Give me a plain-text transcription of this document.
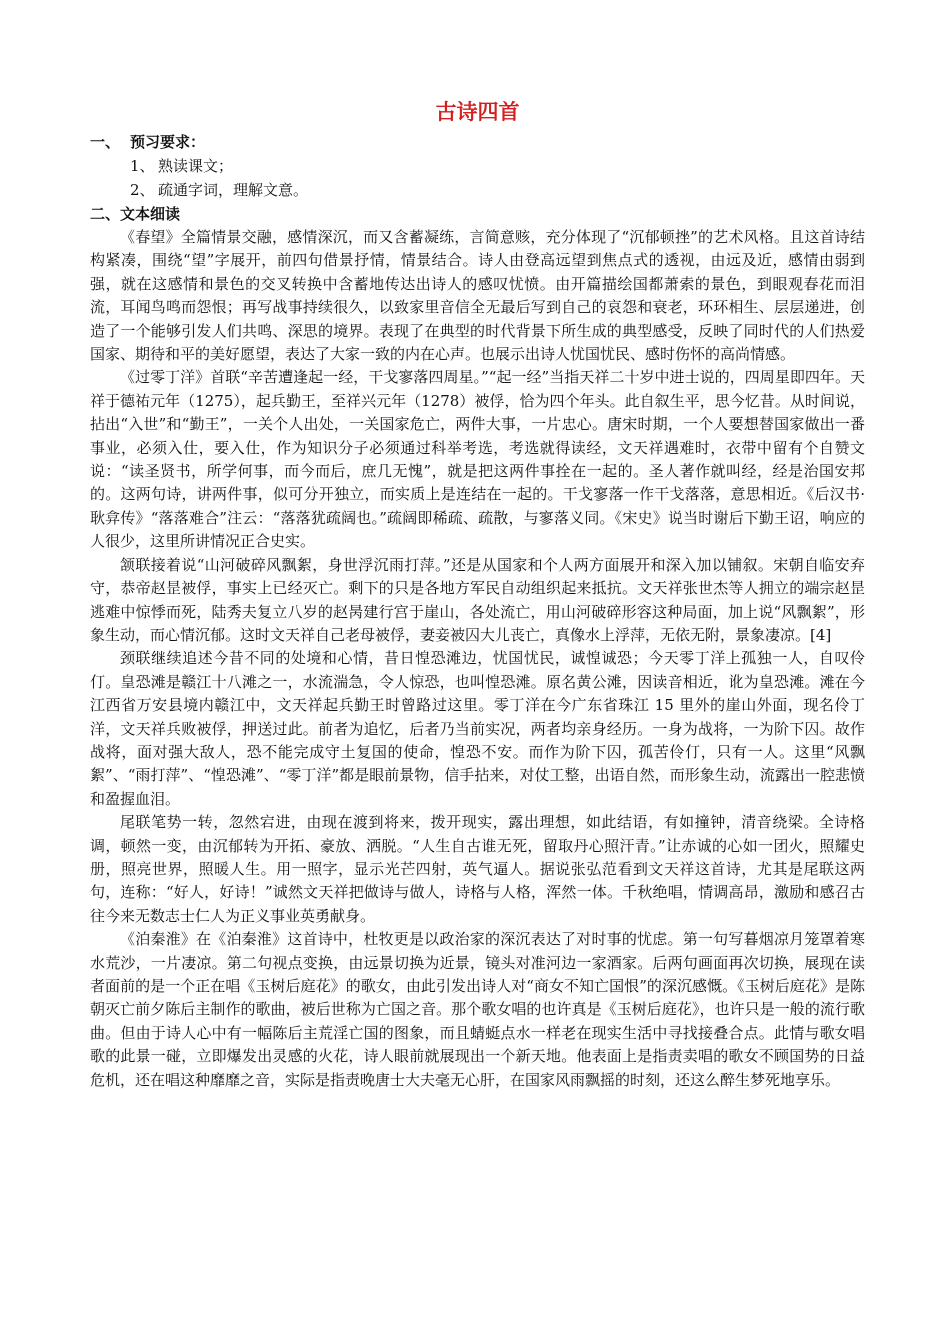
古诗四首
一、 预习要求：
1、 熟读课文；
2、 疏通字词，理解文意。
二、文本细读

《春望》全篇情景交融，感情深沉，而又含蓄凝练，言简意赅，充分体现了“沉郁顿挫”的艺术风格。且这首诗结构紧凑，围绕“望”字展开，前四句借景抒情，情景结合。诗人由登高远望到焦点式的透视，由远及近，感情由弱到强，就在这感情和景色的交叉转换中含蓄地传达出诗人的感叹忧愤。由开篇描绘国都萧索的景色，到眼观春花而泪流，耳闻鸟鸣而怨恨；再写战事持续很久，以致家里音信全无最后写到自己的哀怨和衰老，环环相生、层层递进，创造了一个能够引发人们共鸣、深思的境界。表现了在典型的时代背景下所生成的典型感受，反映了同时代的人们热爱国家、期待和平的美好愿望，表达了大家一致的内在心声。也展示出诗人忧国忧民、感时伤怀的高尚情感。

《过零丁洋》首联“辛苦遭逢起一经，干戈寥落四周星。”“起一经”当指天祥二十岁中进士说的，四周星即四年。天祥于德祐元年（1275），起兵勤王，至祥兴元年（1278）被俘，恰为四个年头。此自叙生平，思今忆昔。从时间说，拈出“入世”和“勤王”，一关个人出处，一关国家危亡，两件大事，一片忠心。唐宋时期，一个人要想替国家做出一番事业，必须入仕，要入仕，作为知识分子必须通过科举考选，考选就得读经，文天祥遇难时，衣带中留有个自赞文说：“读圣贤书，所学何事，而今而后，庶几无愧”，就是把这两件事拴在一起的。圣人著作就叫经，经是治国安邦的。这两句诗，讲两件事，似可分开独立，而实质上是连结在一起的。干戈寥落一作干戈落落，意思相近。《后汉书·耿弇传》“落落难合”注云：“落落犹疏阔也。”疏阔即稀疏、疏散，与寥落义同。《宋史》说当时谢后下勤王诏，响应的人很少，这里所讲情况正合史实。

颔联接着说“山河破碎风飘絮，身世浮沉雨打萍。”还是从国家和个人两方面展开和深入加以铺叙。宋朝自临安弃守，恭帝赵昰被俘，事实上已经灭亡。剩下的只是各地方军民自动组织起来抵抗。文天祥张世杰等人拥立的端宗赵昰逃难中惊悸而死，陆秀夫复立八岁的赵昺建行宫于崖山，各处流亡，用山河破碎形容这种局面，加上说“风飘絮”，形象生动，而心情沉郁。这时文天祥自己老母被俘，妻妾被囚大儿丧亡，真像水上浮萍，无依无附，景象凄凉。[4]

颈联继续追述今昔不同的处境和心情，昔日惶恐滩边，忧国忧民，诚惶诚恐；今天零丁洋上孤独一人，自叹伶仃。皇恐滩是赣江十八滩之一，水流湍急，令人惊恐，也叫惶恐滩。原名黄公滩，因读音相近，讹为皇恐滩。滩在今江西省万安县境内赣江中，文天祥起兵勤王时曾路过这里。零丁洋在今广东省珠江 15 里外的崖山外面，现名伶丁洋，文天祥兵败被俘，押送过此。前者为追忆，后者乃当前实况，两者均亲身经历。一身为战将，一为阶下囚。故作战将，面对强大敌人，恐不能完成守土复国的使命，惶恐不安。而作为阶下囚，孤苦伶仃，只有一人。这里“风飘絮”、“雨打萍”、“惶恐滩”、“零丁洋”都是眼前景物，信手拈来，对仗工整，出语自然，而形象生动，流露出一腔悲愤和盈握血泪。

尾联笔势一转，忽然宕进，由现在渡到将来，拨开现实，露出理想，如此结语，有如撞钟，清音绕梁。全诗格调，顿然一变，由沉郁转为开拓、豪放、洒脱。“人生自古谁无死，留取丹心照汗青。”让赤诚的心如一团火，照耀史册，照亮世界，照暖人生。用一照字，显示光芒四射，英气逼人。据说张弘范看到文天祥这首诗，尤其是尾联这两句，连称：“好人，好诗！”诚然文天祥把做诗与做人，诗格与人格，浑然一体。千秋绝唱，情调高昂，激励和感召古往今来无数志士仁人为正义事业英勇献身。

《泊秦淮》在《泊秦淮》这首诗中，杜牧更是以政治家的深沉表达了对时事的忧虑。第一句写暮烟凉月笼罩着寒水荒沙，一片凄凉。第二句视点变换，由远景切换为近景，镜头对准河边一家酒家。后两句画面再次切换，展现在读者面前的是一个正在唱《玉树后庭花》的歌女，由此引发出诗人对“商女不知亡国恨”的深沉感慨。《玉树后庭花》是陈朝灭亡前夕陈后主制作的歌曲，被后世称为亡国之音。那个歌女唱的也许真是《玉树后庭花》，也许只是一般的流行歌曲。但由于诗人心中有一幅陈后主荒淫亡国的图象，而且蜻蜓点水一样老在现实生活中寻找接叠合点。此情与歌女唱歌的此景一碰，立即爆发出灵感的火花，诗人眼前就展现出一个新天地。他表面上是指责卖唱的歌女不顾国势的日益危机，还在唱这种靡靡之音，实际是指责晚唐士大夫毫无心肝，在国家风雨飘摇的时刻，还这么醉生梦死地享乐。
